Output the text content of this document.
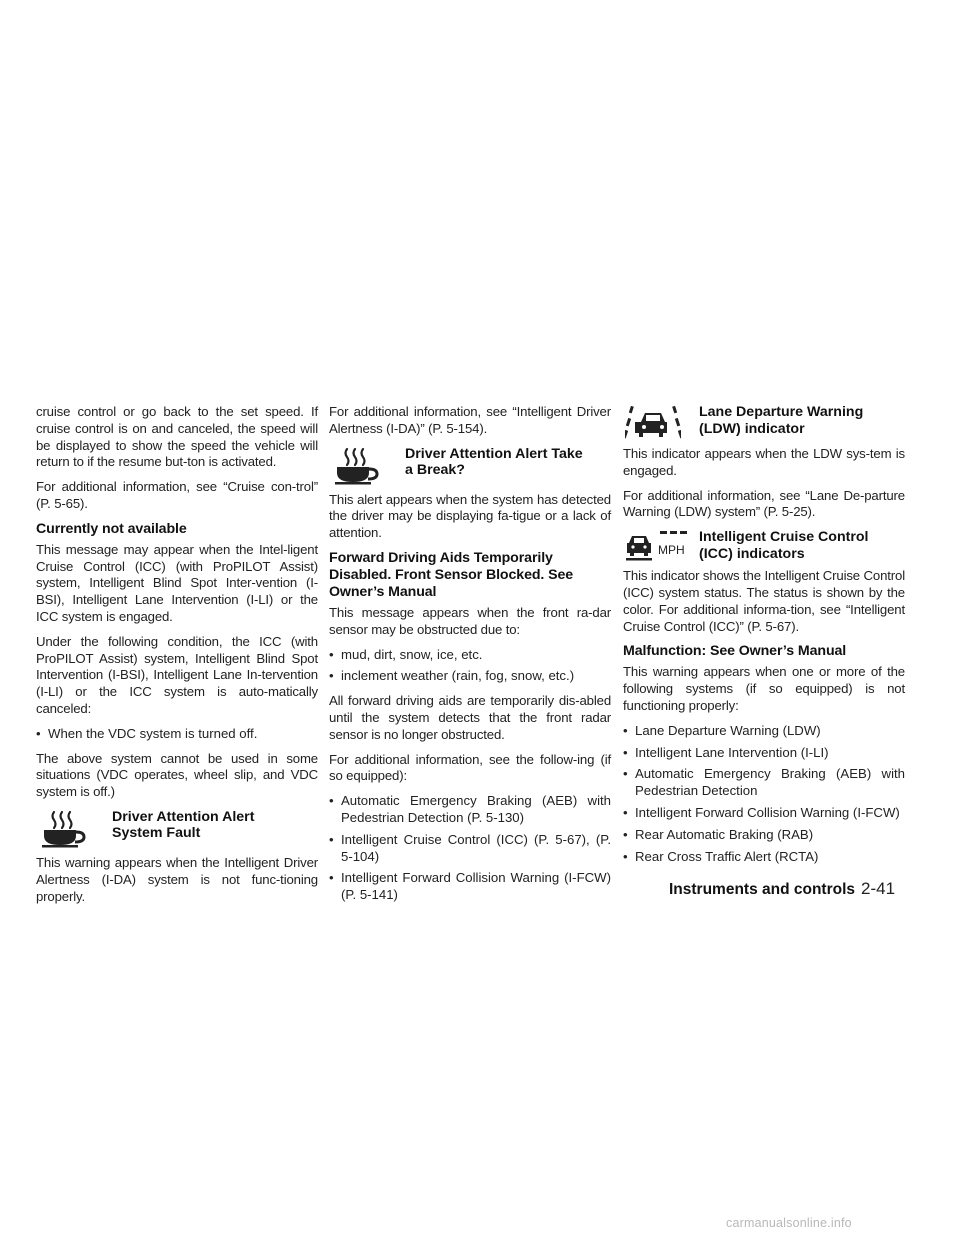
cruise control or go back to the set speed. If cruise control is on and canceled, the speed will be displayed to show the speed the vehicle will return to if the resume but-ton is activated.

For additional information, see “Cruise con-trol” (P. 5-65).

Currently not available

This message may appear when the Intel-ligent Cruise Control (ICC) (with ProPILOT Assist) system, Intelligent Blind Spot Inter-vention (I-BSI), Intelligent Lane Intervention (I-LI) or the ICC system is engaged.

Under the following condition, the ICC (with ProPILOT Assist) system, Intelligent Blind Spot Intervention (I-BSI), Intelligent Lane In-tervention (I-LI) or the ICC system is auto-matically canceled:

• When the VDC system is turned off.

The above system cannot be used in some situations (VDC operates, wheel slip, and VDC system is off.)

Driver Attention Alert
System Fault

This warning appears when the Intelligent Driver Alertness (I-DA) system is not func-tioning properly.

For additional information, see “Intelligent Driver Alertness (I-DA)” (P. 5-154).

Driver Attention Alert Take
a Break?

This alert appears when the system has detected the driver may be displaying fa-tigue or a lack of attention.

Forward Driving Aids Temporarily
Disabled. Front Sensor Blocked. See
Owner’s Manual

This message appears when the front ra-dar sensor may be obstructed due to:

• mud, dirt, snow, ice, etc.
• inclement weather (rain, fog, snow, etc.)

All forward driving aids are temporarily dis-abled until the system detects that the front radar sensor is no longer obstructed.

For additional information, see the follow-ing (if so equipped):

• Automatic Emergency Braking (AEB) with Pedestrian Detection (P. 5-130)
• Intelligent Cruise Control (ICC) (P. 5-67), (P. 5-104)
• Intelligent Forward Collision Warning (I-FCW) (P. 5-141)
Lane Departure Warning
(LDW) indicator

This indicator appears when the LDW sys-tem is engaged.

For additional information, see “Lane De-parture Warning (LDW) system” (P. 5-25).

MPH
Intelligent Cruise Control
(ICC) indicators

This indicator shows the Intelligent Cruise Control (ICC) system status. The status is shown by the color. For additional informa-tion, see “Intelligent Cruise Control (ICC)” (P. 5-67).

Malfunction: See Owner’s Manual

This warning appears when one or more of the following systems (if so equipped) is not functioning properly:

• Lane Departure Warning (LDW)
• Intelligent Lane Intervention (I-LI)
• Automatic Emergency Braking (AEB) with Pedestrian Detection
• Intelligent Forward Collision Warning (I-FCW)
• Rear Automatic Braking (RAB)
• Rear Cross Traffic Alert (RCTA)
Instruments and controls 2-41
carmanualsonline.info
